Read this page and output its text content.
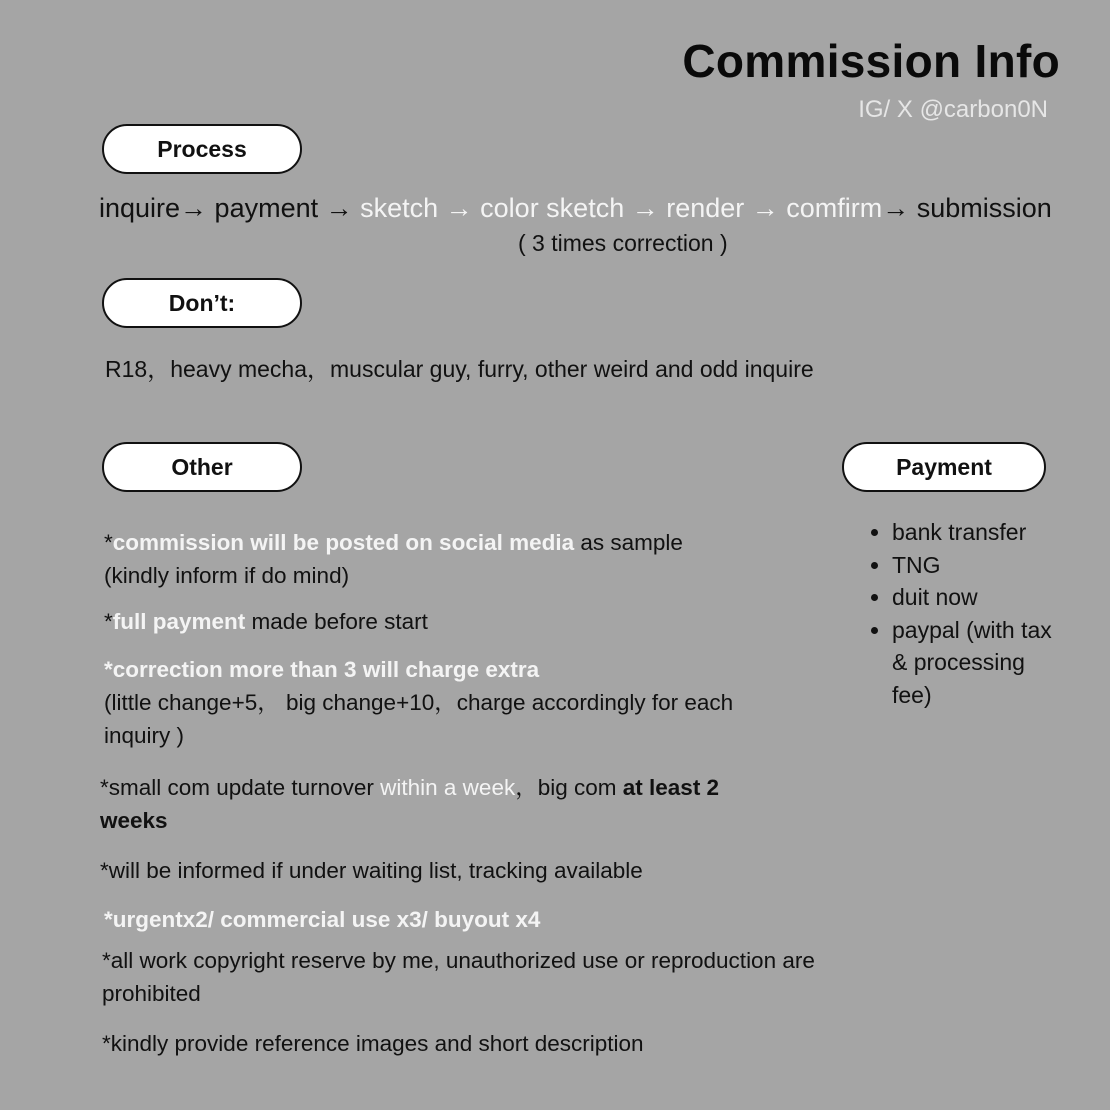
Commission Info
IG/ X @carbon0N
Process
inquire→ payment → sketch → color sketch → render → comfirm→ submission
( 3 times correction )
Don’t:
R18，heavy mecha，muscular guy, furry, other weird and odd inquire
Other
*commission will be posted on social media as sample
(kindly inform if do mind)
*full payment made before start
*correction more than 3 will charge extra
(little change+5， big change+10，charge accordingly for each inquiry )
*small com update turnover within a week，big com at least 2 weeks
*will be informed if under waiting list, tracking available
*urgentx2/ commercial use x3/ buyout x4
*all work copyright reserve by me, unauthorized use or reproduction are prohibited
*kindly provide reference images and short description
Payment
• bank transfer
• TNG
• duit now
• paypal (with tax & processing fee)
